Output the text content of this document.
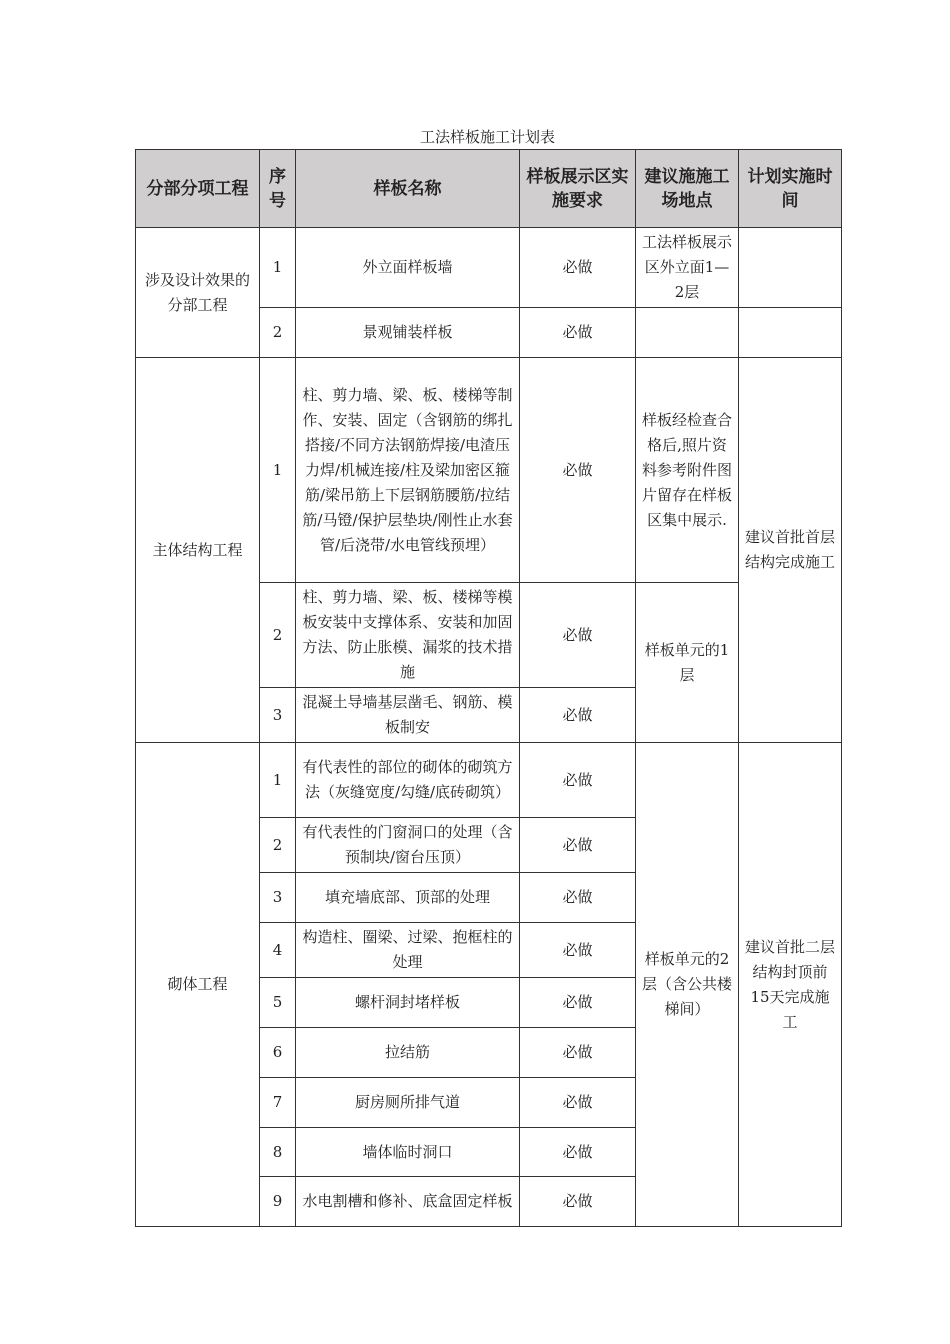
工法样板施工计划表
分部分项工程	序号	样板名称	样板展示区实施要求	建议施施工场地点	计划实施时间
涉及设计效果的分部工程	1	外立面样板墙	必做	工法样板展示区外立面1—2层	
	2	景观铺装样板	必做		
主体结构工程	1	柱、剪力墙、梁、板、楼梯等制作、安装、固定（含钢筋的绑扎搭接/不同方法钢筋焊接/电渣压力焊/机械连接/柱及梁加密区箍筋/梁吊筋上下层钢筋腰筋/拉结筋/马镫/保护层垫块/刚性止水套管/后浇带/水电管线预埋）	必做	样板经检查合格后,照片资料参考附件图片留存在样板区集中展示.	建议首批首层结构完成施工
	2	柱、剪力墙、梁、板、楼梯等模板安装中支撑体系、安装和加固方法、防止胀模、漏浆的技术措施	必做	样板单元的1层	
	3	混凝土导墙基层凿毛、钢筋、模板制安	必做		
砌体工程	1	有代表性的部位的砌体的砌筑方法（灰缝宽度/勾缝/底砖砌筑）	必做	样板单元的2层（含公共楼梯间）	建议首批二层结构封顶前15天完成施工
	2	有代表性的门窗洞口的处理（含预制块/窗台压顶）	必做		
	3	填充墙底部、顶部的处理	必做		
	4	构造柱、圈梁、过梁、抱框柱的处理	必做		
	5	螺杆洞封堵样板	必做		
	6	拉结筋	必做		
	7	厨房厕所排气道	必做		
	8	墙体临时洞口	必做		
	9	水电割槽和修补、底盒固定样板	必做		
